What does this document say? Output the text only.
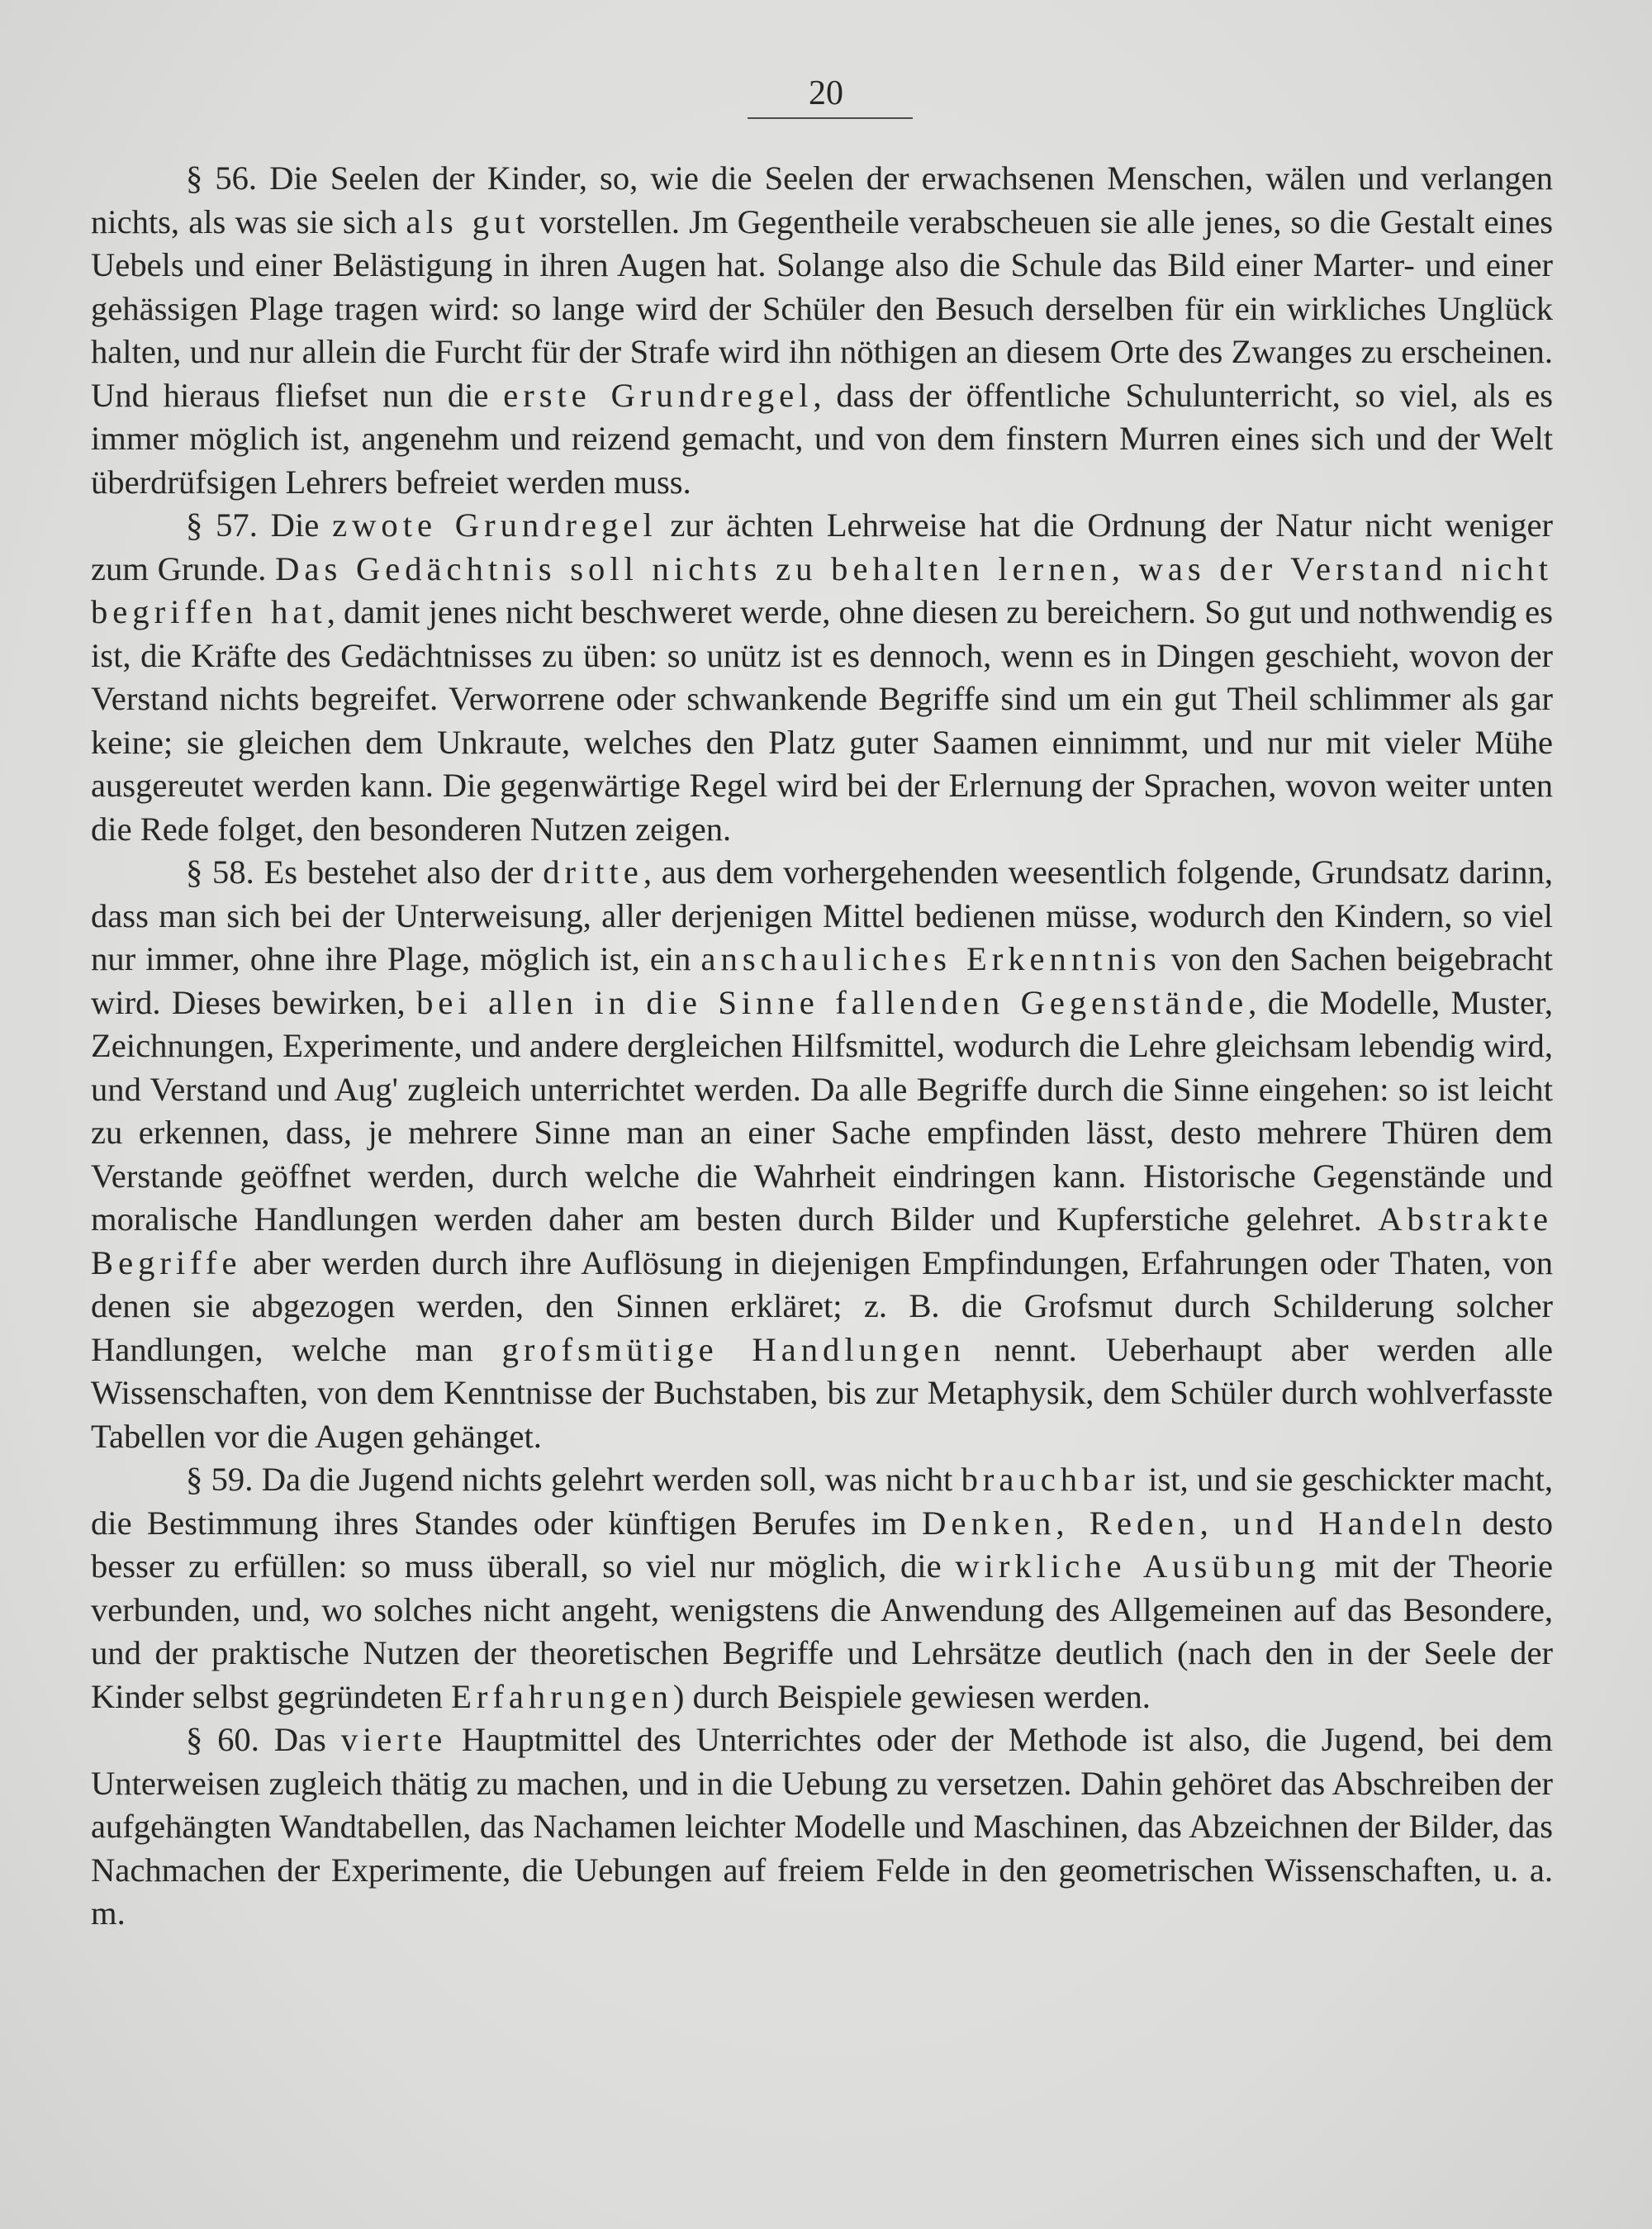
20

§ 56. Die Seelen der Kinder, so, wie die Seelen der erwachsenen Menschen, wälen und verlangen nichts, als was sie sich als gut vorstellen. Jm Gegentheile verabscheuen sie alle jenes, so die Gestalt eines Uebels und einer Belästigung in ihren Augen hat. Solange also die Schule das Bild einer Marter- und einer gehässigen Plage tragen wird: so lange wird der Schüler den Besuch derselben für ein wirkliches Unglück halten, und nur allein die Furcht für der Strafe wird ihn nöthigen an diesem Orte des Zwanges zu erscheinen. Und hieraus fliefset nun die erste Grundregel, dass der öffentliche Schulunterricht, so viel, als es immer möglich ist, angenehm und reizend gemacht, und von dem finstern Murren eines sich und der Welt überdrüfsigen Lehrers befreiet werden muss.

§ 57. Die zwote Grundregel zur ächten Lehrweise hat die Ordnung der Natur nicht weniger zum Grunde. Das Gedächtnis soll nichts zu behalten lernen, was der Verstand nicht begriffen hat, damit jenes nicht beschweret werde, ohne diesen zu bereichern. So gut und nothwendig es ist, die Kräfte des Gedächtnisses zu üben: so unütz ist es dennoch, wenn es in Dingen geschieht, wovon der Verstand nichts begreifet. Verworrene oder schwankende Begriffe sind um ein gut Theil schlimmer als gar keine; sie gleichen dem Unkraute, welches den Platz guter Saamen einnimmt, und nur mit vieler Mühe ausgereutet werden kann. Die gegenwärtige Regel wird bei der Erlernung der Sprachen, wovon weiter unten die Rede folget, den besonderen Nutzen zeigen.

§ 58. Es bestehet also der dritte, aus dem vorhergehenden weesentlich folgende, Grundsatz darinn, dass man sich bei der Unterweisung, aller derjenigen Mittel bedienen müsse, wodurch den Kindern, so viel nur immer, ohne ihre Plage, möglich ist, ein anschauliches Erkenntnis von den Sachen beigebracht wird. Dieses bewirken, bei allen in die Sinne fallenden Gegenstände, die Modelle, Muster, Zeichnungen, Experimente, und andere dergleichen Hilfsmittel, wodurch die Lehre gleichsam lebendig wird, und Verstand und Aug' zugleich unterrichtet werden. Da alle Begriffe durch die Sinne eingehen: so ist leicht zu erkennen, dass, je mehrere Sinne man an einer Sache empfinden lässt, desto mehrere Thüren dem Verstande geöffnet werden, durch welche die Wahrheit eindringen kann. Historische Gegenstände und moralische Handlungen werden daher am besten durch Bilder und Kupferstiche gelehret. Abstrakte Begriffe aber werden durch ihre Auflösung in diejenigen Empfindungen, Erfahrungen oder Thaten, von denen sie abgezogen werden, den Sinnen erkläret; z. B. die Grofsmut durch Schilderung solcher Handlungen, welche man grofsmütige Handlungen nennt. Ueberhaupt aber werden alle Wissenschaften, von dem Kenntnisse der Buchstaben, bis zur Metaphysik, dem Schüler durch wohlverfasste Tabellen vor die Augen gehänget.

§ 59. Da die Jugend nichts gelehrt werden soll, was nicht brauchbar ist, und sie geschickter macht, die Bestimmung ihres Standes oder künftigen Berufes im Denken, Reden, und Handeln desto besser zu erfüllen: so muss überall, so viel nur möglich, die wirkliche Ausübung mit der Theorie verbunden, und, wo solches nicht angeht, wenigstens die Anwendung des Allgemeinen auf das Besondere, und der praktische Nutzen der theoretischen Begriffe und Lehrsätze deutlich (nach den in der Seele der Kinder selbst gegründeten Erfahrungen) durch Beispiele gewiesen werden.

§ 60. Das vierte Hauptmittel des Unterrichtes oder der Methode ist also, die Jugend, bei dem Unterweisen zugleich thätig zu machen, und in die Uebung zu versetzen. Dahin gehöret das Abschreiben der aufgehängten Wandtabellen, das Nachamen leichter Modelle und Maschinen, das Abzeichnen der Bilder, das Nachmachen der Experimente, die Uebungen auf freiem Felde in den geometrischen Wissenschaften, u. a. m.
